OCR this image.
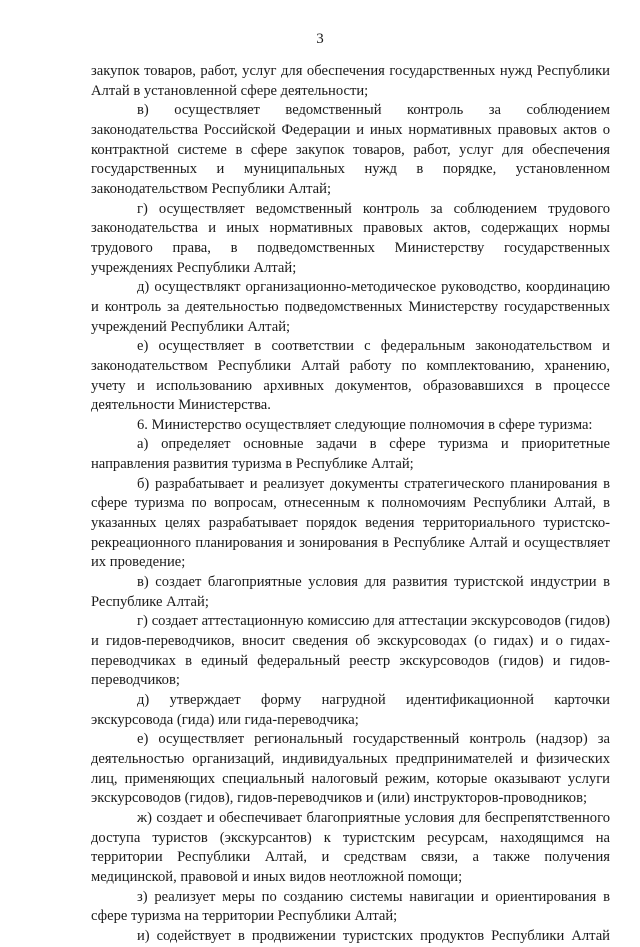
3

закупок товаров, работ, услуг для обеспечения государственных нужд Республики Алтай в установленной сфере деятельности;

в) осуществляет ведомственный контроль за соблюдением законодательства Российской Федерации и иных нормативных правовых актов о контрактной системе в сфере закупок товаров, работ, услуг для обеспечения государственных и муниципальных нужд в порядке, установленном законодательством Республики Алтай;

г) осуществляет ведомственный контроль за соблюдением трудового законодательства и иных нормативных правовых актов, содержащих нормы трудового права, в подведомственных Министерству государственных учреждениях Республики Алтай;

д) осуществлякт организационно-методическое руководство, координацию и контроль за деятельностью подведомственных Министерству государственных учреждений Республики Алтай;

е) осуществляет в соответствии с федеральным законодательством и законодательством Республики Алтай работу по комплектованию, хранению, учету и использованию архивных документов, образовавшихся в процессе деятельности Министерства.

6. Министерство осуществляет следующие полномочия в сфере туризма:

а) определяет основные задачи в сфере туризма и приоритетные направления развития туризма в Республике Алтай;

б) разрабатывает и реализует документы стратегического планирования в сфере туризма по вопросам, отнесенным к полномочиям Республики Алтай, в указанных целях разрабатывает порядок ведения территориального туристско-рекреационного планирования и зонирования в Республике Алтай и осуществляет их проведение;

в) создает благоприятные условия для развития туристской индустрии в Республике Алтай;

г) создает аттестационную комиссию для аттестации экскурсоводов (гидов) и гидов-переводчиков, вносит сведения об экскурсоводах (о гидах) и о гидах-переводчиках в единый федеральный реестр экскурсоводов (гидов) и гидов-переводчиков;

д) утверждает форму нагрудной идентификационной карточки экскурсовода (гида) или гида-переводчика;

е) осуществляет региональный государственный контроль (надзор) за деятельностью организаций, индивидуальных предпринимателей и физических лиц, применяющих специальный налоговый режим, которые оказывают услуги экскурсоводов (гидов), гидов-переводчиков и (или) инструкторов-проводников;

ж) создает и обеспечивает благоприятные условия для беспрепятственного доступа туристов (экскурсантов) к туристским ресурсам, находящимся на территории Республики Алтай, и средствам связи, а также получения медицинской, правовой и иных видов неотложной помощи;

з) реализует меры по созданию системы навигации и ориентирования в сфере туризма на территории Республики Алтай;

и) содействует в продвижении туристских продуктов Республики Алтай
